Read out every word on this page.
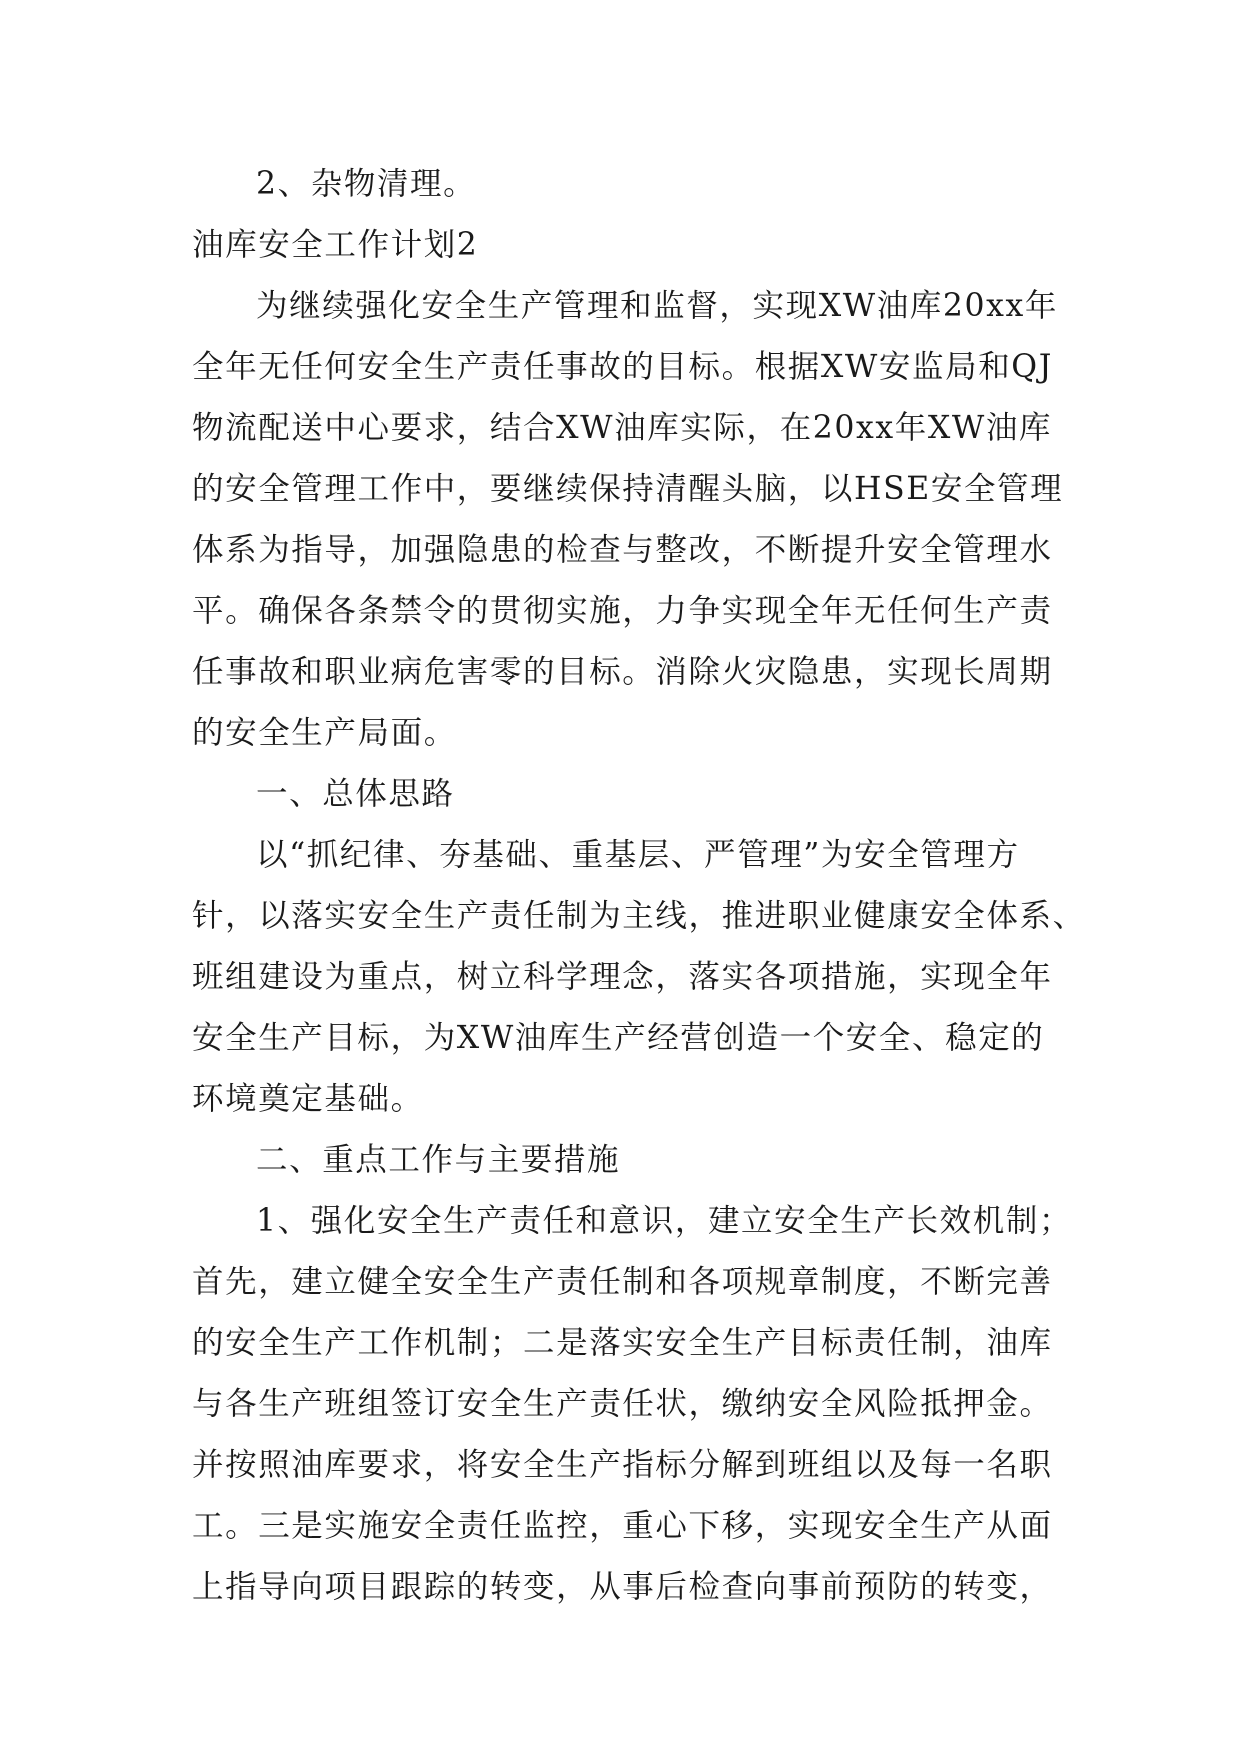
2、杂物清理。
油库安全工作计划2
为继续强化安全生产管理和监督，实现XW油库20xx年
全年无任何安全生产责任事故的目标。根据XW安监局和QJ
物流配送中心要求，结合XW油库实际，在20xx年XW油库
的安全管理工作中，要继续保持清醒头脑，以HSE安全管理
体系为指导，加强隐患的检查与整改，不断提升安全管理水
平。确保各条禁令的贯彻实施，力争实现全年无任何生产责
任事故和职业病危害零的目标。消除火灾隐患，实现长周期
的安全生产局面。
一、总体思路
以“抓纪律、夯基础、重基层、严管理”为安全管理方
针，以落实安全生产责任制为主线，推进职业健康安全体系、
班组建设为重点，树立科学理念，落实各项措施，实现全年
安全生产目标，为XW油库生产经营创造一个安全、稳定的
环境奠定基础。
二、重点工作与主要措施
1、强化安全生产责任和意识，建立安全生产长效机制；
首先，建立健全安全生产责任制和各项规章制度，不断完善
的安全生产工作机制；二是落实安全生产目标责任制，油库
与各生产班组签订安全生产责任状，缴纳安全风险抵押金。
并按照油库要求，将安全生产指标分解到班组以及每一名职
工。三是实施安全责任监控，重心下移，实现安全生产从面
上指导向项目跟踪的转变，从事后检查向事前预防的转变，
